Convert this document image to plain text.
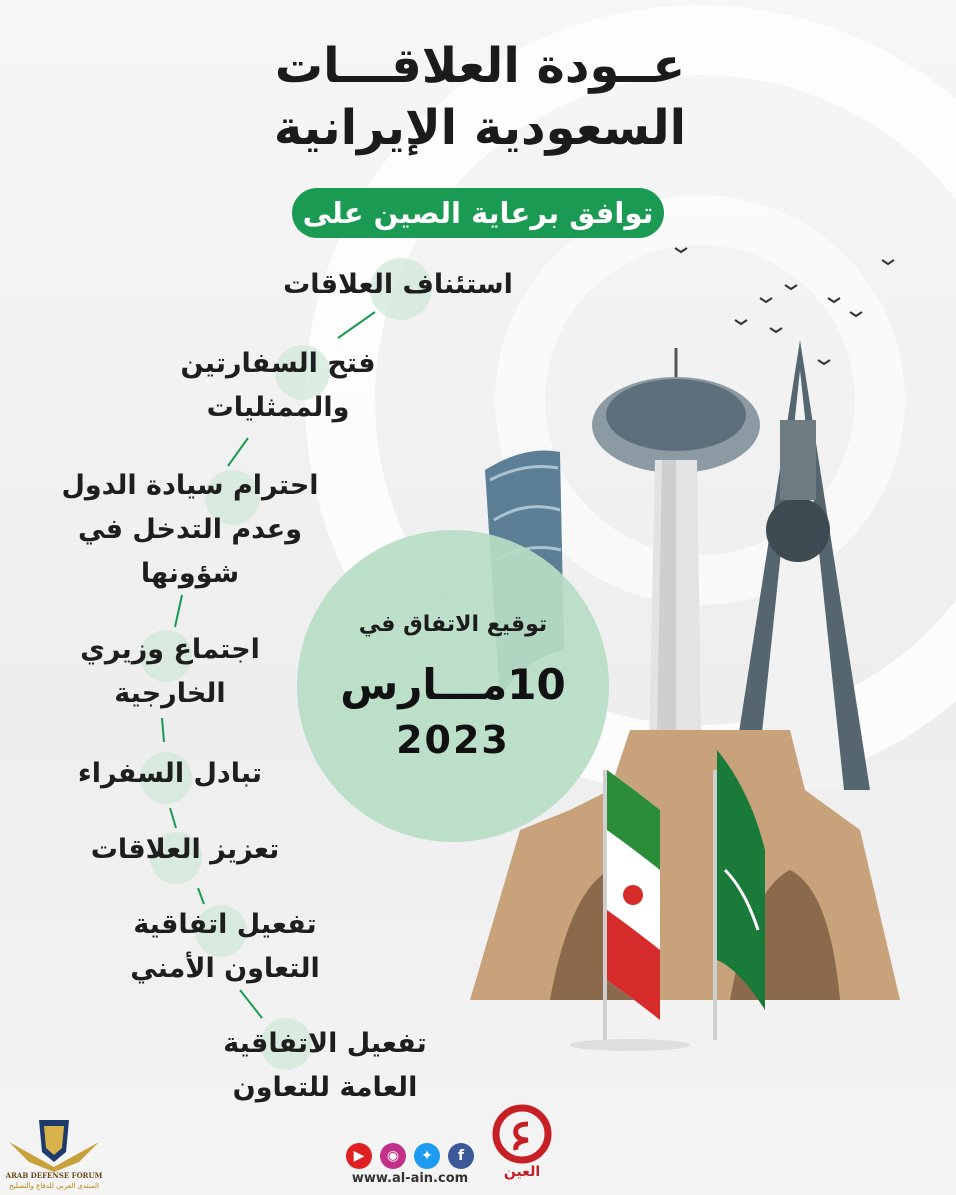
عــودة العلاقـــات
السعودية الإيرانية
توافق برعاية الصين على
استئناف العلاقات
فتح السفارتين
والممثليات
احترام سيادة الدول
وعدم التدخل في
شؤونها
اجتماع وزيري
الخارجية
تبادل السفراء
تعزيز العلاقات
تفعيل اتفاقية
التعاون الأمني
تفعيل الاتفاقية
العامة للتعاون
توقيع الاتفاق في
10مـــارس
2023
▶	◉	✦	f
www.al-ain.com	العين
ARAB DEFENSE FORUM
المنتدى العربي للدفاع والتسليح
